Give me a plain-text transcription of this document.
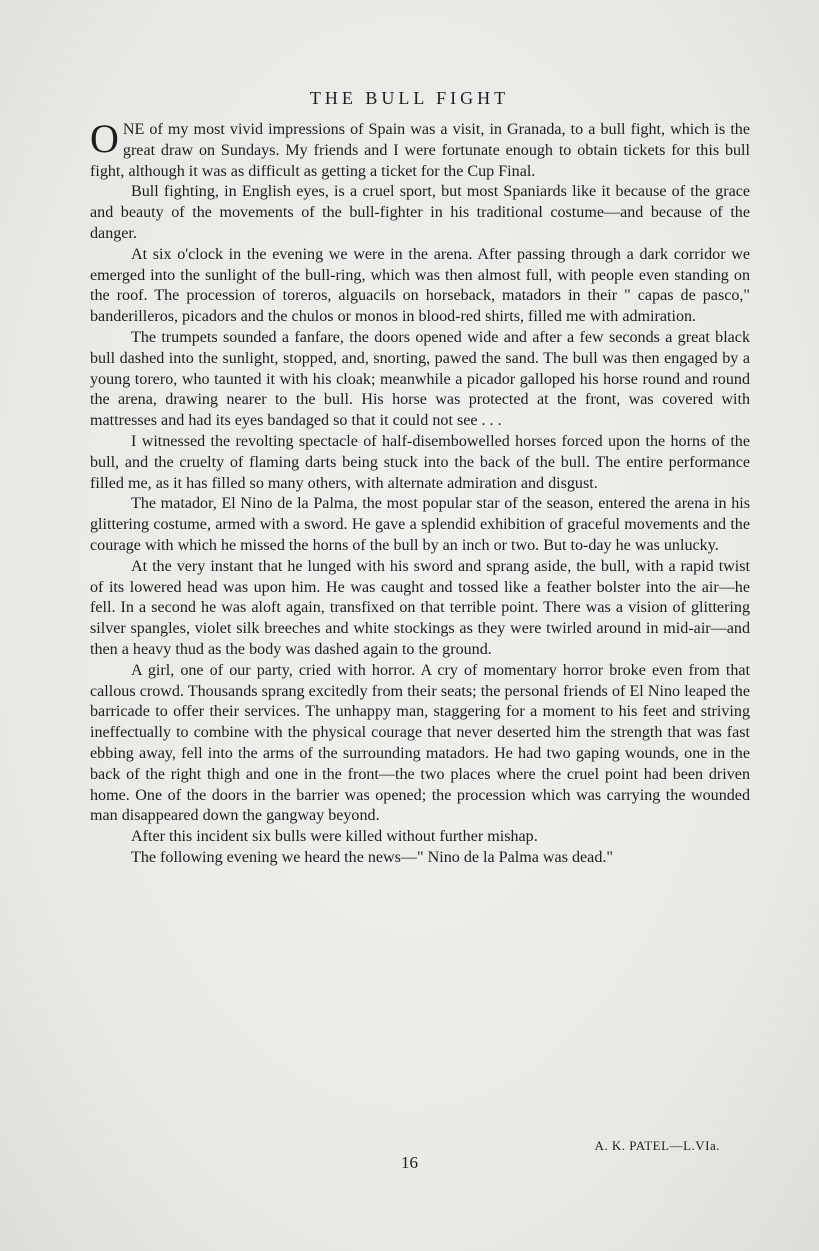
THE BULL FIGHT

ONE of my most vivid impressions of Spain was a visit, in Granada, to a bull fight, which is the great draw on Sundays. My friends and I were fortunate enough to obtain tickets for this bull fight, although it was as difficult as getting a ticket for the Cup Final.

Bull fighting, in English eyes, is a cruel sport, but most Spaniards like it because of the grace and beauty of the movements of the bull-fighter in his traditional costume—and because of the danger.

At six o'clock in the evening we were in the arena. After passing through a dark corridor we emerged into the sunlight of the bull-ring, which was then almost full, with people even standing on the roof. The procession of toreros, alguacils on horseback, matadors in their " capas de pasco," banderilleros, picadors and the chulos or monos in blood-red shirts, filled me with admiration.

The trumpets sounded a fanfare, the doors opened wide and after a few seconds a great black bull dashed into the sunlight, stopped, and, snorting, pawed the sand. The bull was then engaged by a young torero, who taunted it with his cloak; meanwhile a picador galloped his horse round and round the arena, drawing nearer to the bull. His horse was protected at the front, was covered with mattresses and had its eyes bandaged so that it could not see . . .

I witnessed the revolting spectacle of half-disembowelled horses forced upon the horns of the bull, and the cruelty of flaming darts being stuck into the back of the bull. The entire performance filled me, as it has filled so many others, with alternate admiration and disgust.

The matador, El Nino de la Palma, the most popular star of the season, entered the arena in his glittering costume, armed with a sword. He gave a splendid exhibition of graceful movements and the courage with which he missed the horns of the bull by an inch or two. But to-day he was unlucky.

At the very instant that he lunged with his sword and sprang aside, the bull, with a rapid twist of its lowered head was upon him. He was caught and tossed like a feather bolster into the air—he fell. In a second he was aloft again, transfixed on that terrible point. There was a vision of glittering silver spangles, violet silk breeches and white stockings as they were twirled around in mid-air—and then a heavy thud as the body was dashed again to the ground.

A girl, one of our party, cried with horror. A cry of momentary horror broke even from that callous crowd. Thousands sprang excitedly from their seats; the personal friends of El Nino leaped the barricade to offer their services. The unhappy man, staggering for a moment to his feet and striving ineffectually to combine with the physical courage that never deserted him the strength that was fast ebbing away, fell into the arms of the surrounding matadors. He had two gaping wounds, one in the back of the right thigh and one in the front—the two places where the cruel point had been driven home. One of the doors in the barrier was opened; the procession which was carrying the wounded man disappeared down the gangway beyond.

After this incident six bulls were killed without further mishap.

The following evening we heard the news—" Nino de la Palma was dead."

A. K. PATEL—L.VIa.
16
